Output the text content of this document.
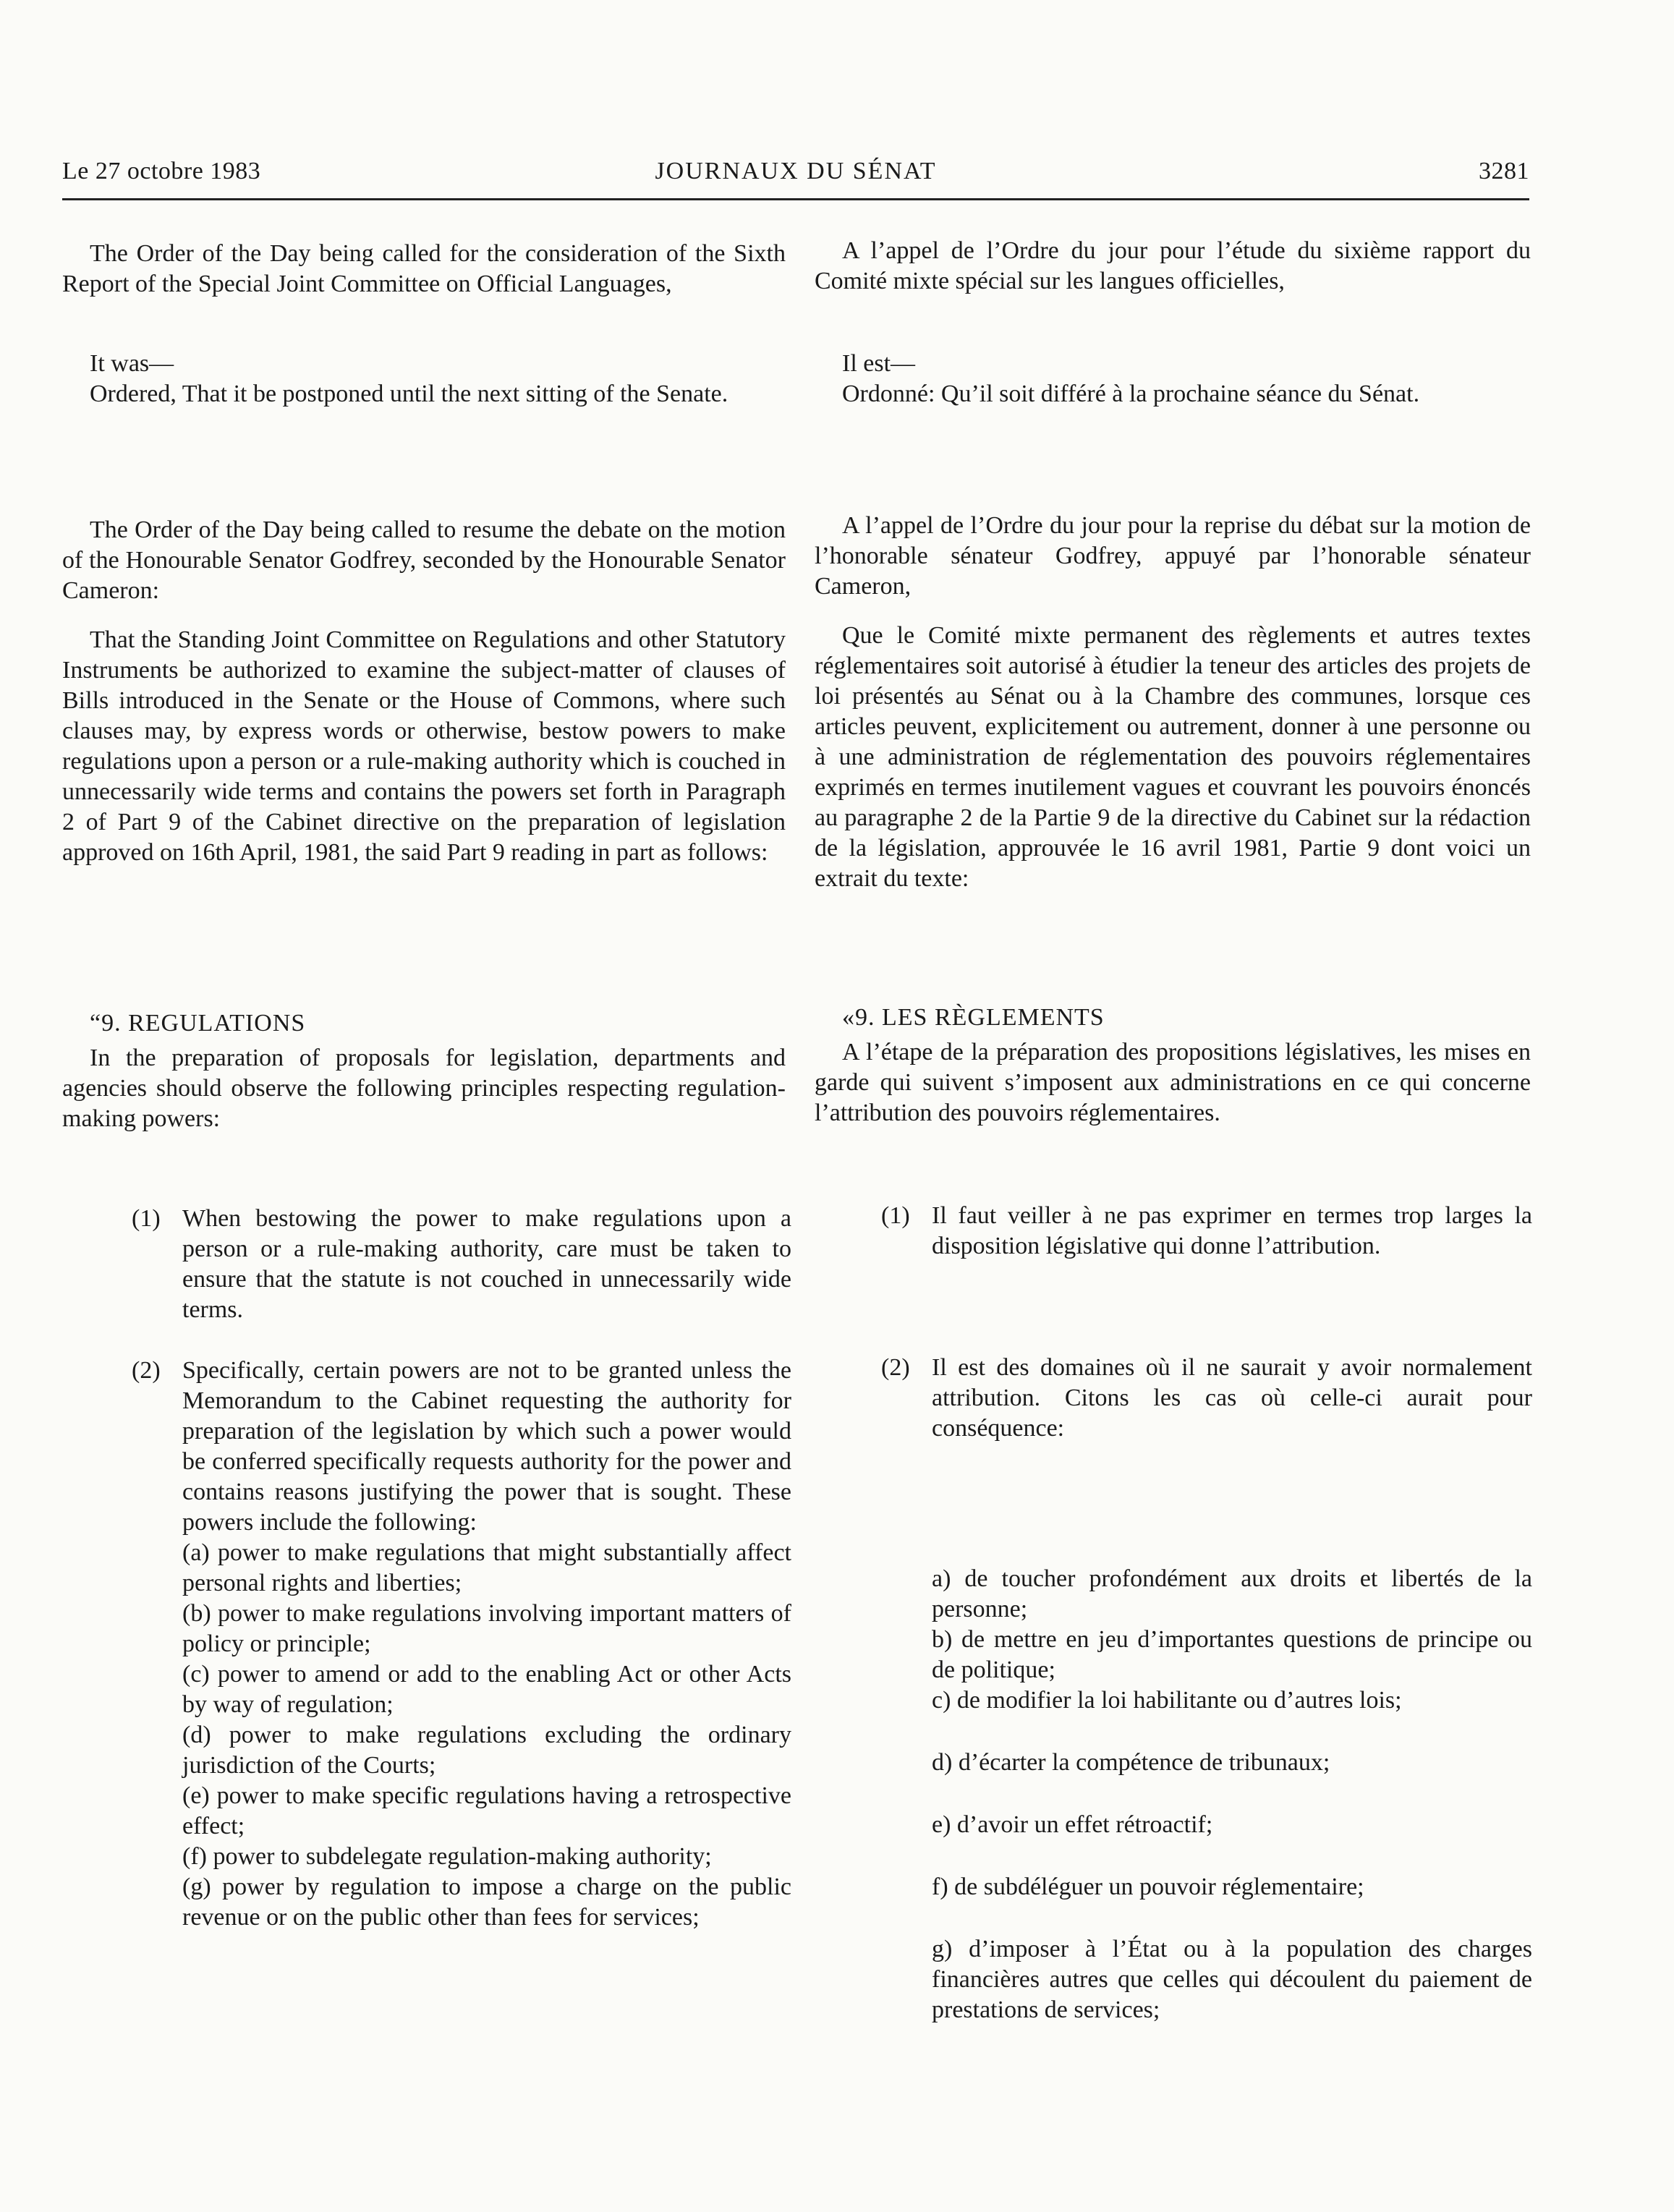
Le 27 octobre 1983	JOURNAUX DU SÉNAT	3281

The Order of the Day being called for the consideration of the Sixth Report of the Special Joint Committee on Official Languages,

It was—

Ordered, That it be postponed until the next sitting of the Senate.

The Order of the Day being called to resume the debate on the motion of the Honourable Senator Godfrey, seconded by the Honourable Senator Cameron:

That the Standing Joint Committee on Regulations and other Statutory Instruments be authorized to examine the subject-matter of clauses of Bills introduced in the Senate or the House of Commons, where such clauses may, by express words or otherwise, bestow powers to make regulations upon a person or a rule-making authority which is couched in unnecessarily wide terms and contains the powers set forth in Paragraph 2 of Part 9 of the Cabinet directive on the preparation of legislation approved on 16th April, 1981, the said Part 9 reading in part as follows:

“9. REGULATIONS

In the preparation of proposals for legislation, departments and agencies should observe the following principles respecting regulation-making powers:

(1) When bestowing the power to make regulations upon a person or a rule-making authority, care must be taken to ensure that the statute is not couched in unnecessarily wide terms.
(2) Specifically, certain powers are not to be granted unless the Memorandum to the Cabinet requesting the authority for preparation of the legislation by which such a power would be conferred specifically requests authority for the power and contains reasons justifying the power that is sought. These powers include the following:

(a) power to make regulations that might substantially affect personal rights and liberties;

(b) power to make regulations involving important matters of policy or principle;

(c) power to amend or add to the enabling Act or other Acts by way of regulation;

(d) power to make regulations excluding the ordinary jurisdiction of the Courts;

(e) power to make specific regulations having a retrospective effect;

(f) power to subdelegate regulation-making authority;

(g) power by regulation to impose a charge on the public revenue or on the public other than fees for services;

A l’appel de l’Ordre du jour pour l’étude du sixième rapport du Comité mixte spécial sur les langues officielles,

Il est—

Ordonné: Qu’il soit différé à la prochaine séance du Sénat.

A l’appel de l’Ordre du jour pour la reprise du débat sur la motion de l’honorable sénateur Godfrey, appuyé par l’honorable sénateur Cameron,

Que le Comité mixte permanent des règlements et autres textes réglementaires soit autorisé à étudier la teneur des articles des projets de loi présentés au Sénat ou à la Chambre des communes, lorsque ces articles peuvent, explicitement ou autrement, donner à une personne ou à une administration de réglementation des pouvoirs réglementaires exprimés en termes inutilement vagues et couvrant les pouvoirs énoncés au paragraphe 2 de la Partie 9 de la directive du Cabinet sur la rédaction de la législation, approuvée le 16 avril 1981, Partie 9 dont voici un extrait du texte:

«9. LES RÈGLEMENTS

A l’étape de la préparation des propositions législatives, les mises en garde qui suivent s’imposent aux administrations en ce qui concerne l’attribution des pouvoirs réglementaires.

(1) Il faut veiller à ne pas exprimer en termes trop larges la disposition législative qui donne l’attribution.
(2) Il est des domaines où il ne saurait y avoir normalement attribution. Citons les cas où celle-ci aurait pour conséquence:

a) de toucher profondément aux droits et libertés de la personne;

b) de mettre en jeu d’importantes questions de principe ou de politique;

c) de modifier la loi habilitante ou d’autres lois;

d) d’écarter la compétence de tribunaux;

e) d’avoir un effet rétroactif;

f) de subdéléguer un pouvoir réglementaire;

g) d’imposer à l’État ou à la population des charges financières autres que celles qui découlent du paiement de prestations de services;
